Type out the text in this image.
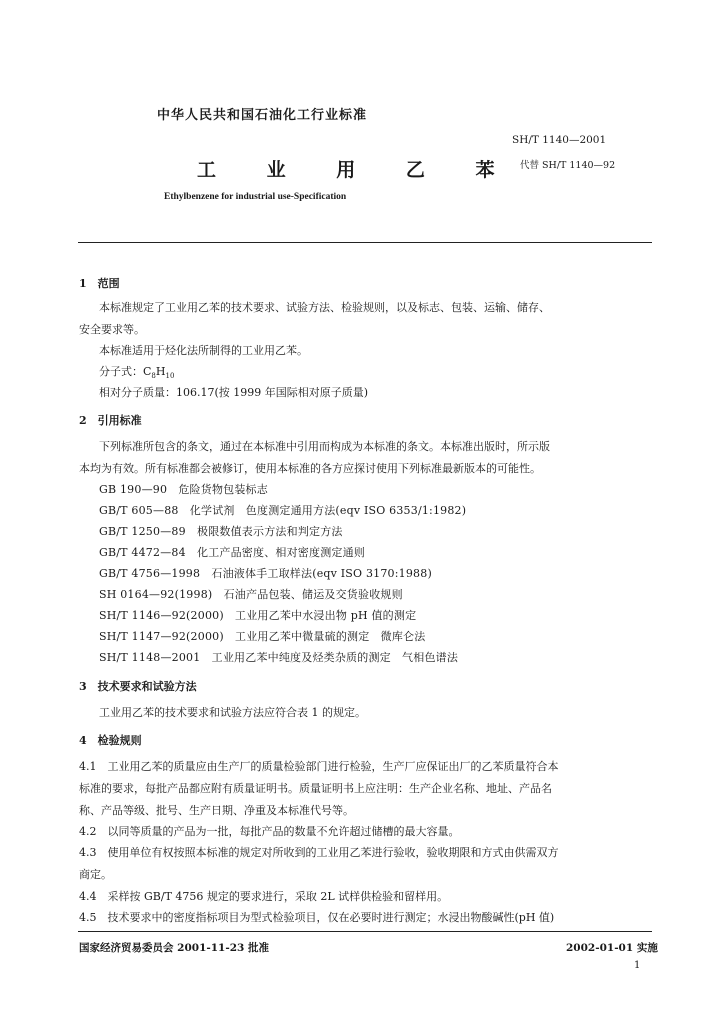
中华人民共和国石油化工行业标准
SH/T 1140—2001
工 业 用 乙 苯 代替 SH/T 1140—92
Ethylbenzene for industrial use-Specification
1　范围
本标准规定了工业用乙苯的技术要求、试验方法、检验规则，以及标志、包装、运输、储存、
安全要求等。
本标准适用于烃化法所制得的工业用乙苯。
分子式：$C_8H_{10}$
相对分子质量：106.17(按 1999 年国际相对原子质量)
2　引用标准
下列标准所包含的条文，通过在本标准中引用而构成为本标准的条文。本标准出版时，所示版
本均为有效。所有标准都会被修订，使用本标准的各方应探讨使用下列标准最新版本的可能性。
GB 190—90　危险货物包装标志
GB/T 605—88　化学试剂　色度测定通用方法(eqv ISO 6353/1:1982)
GB/T 1250—89　极限数值表示方法和判定方法
GB/T 4472—84　化工产品密度、相对密度测定通则
GB/T 4756—1998　石油液体手工取样法(eqv ISO 3170:1988)
SH 0164—92(1998)　石油产品包装、储运及交货验收规则
SH/T 1146—92(2000)　工业用乙苯中水浸出物 pH 值的测定
SH/T 1147—92(2000)　工业用乙苯中微量硫的测定　微库仑法
SH/T 1148—2001　工业用乙苯中纯度及烃类杂质的测定　气相色谱法
3　技术要求和试验方法
工业用乙苯的技术要求和试验方法应符合表 1 的规定。
4　检验规则
4.1　工业用乙苯的质量应由生产厂的质量检验部门进行检验，生产厂应保证出厂的乙苯质量符合本
标准的要求，每批产品都应附有质量证明书。质量证明书上应注明：生产企业名称、地址、产品名
称、产品等级、批号、生产日期、净重及本标准代号等。
4.2　以同等质量的产品为一批，每批产品的数量不允许超过储槽的最大容量。
4.3　使用单位有权按照本标准的规定对所收到的工业用乙苯进行验收，验收期限和方式由供需双方
商定。
4.4　采样按 GB/T 4756 规定的要求进行，采取 2L 试样供检验和留样用。
4.5　技术要求中的密度指标项目为型式检验项目，仅在必要时进行测定；水浸出物酸碱性(pH 值)
国家经济贸易委员会 2001-11-23 批准	2002-01-01 实施
1
